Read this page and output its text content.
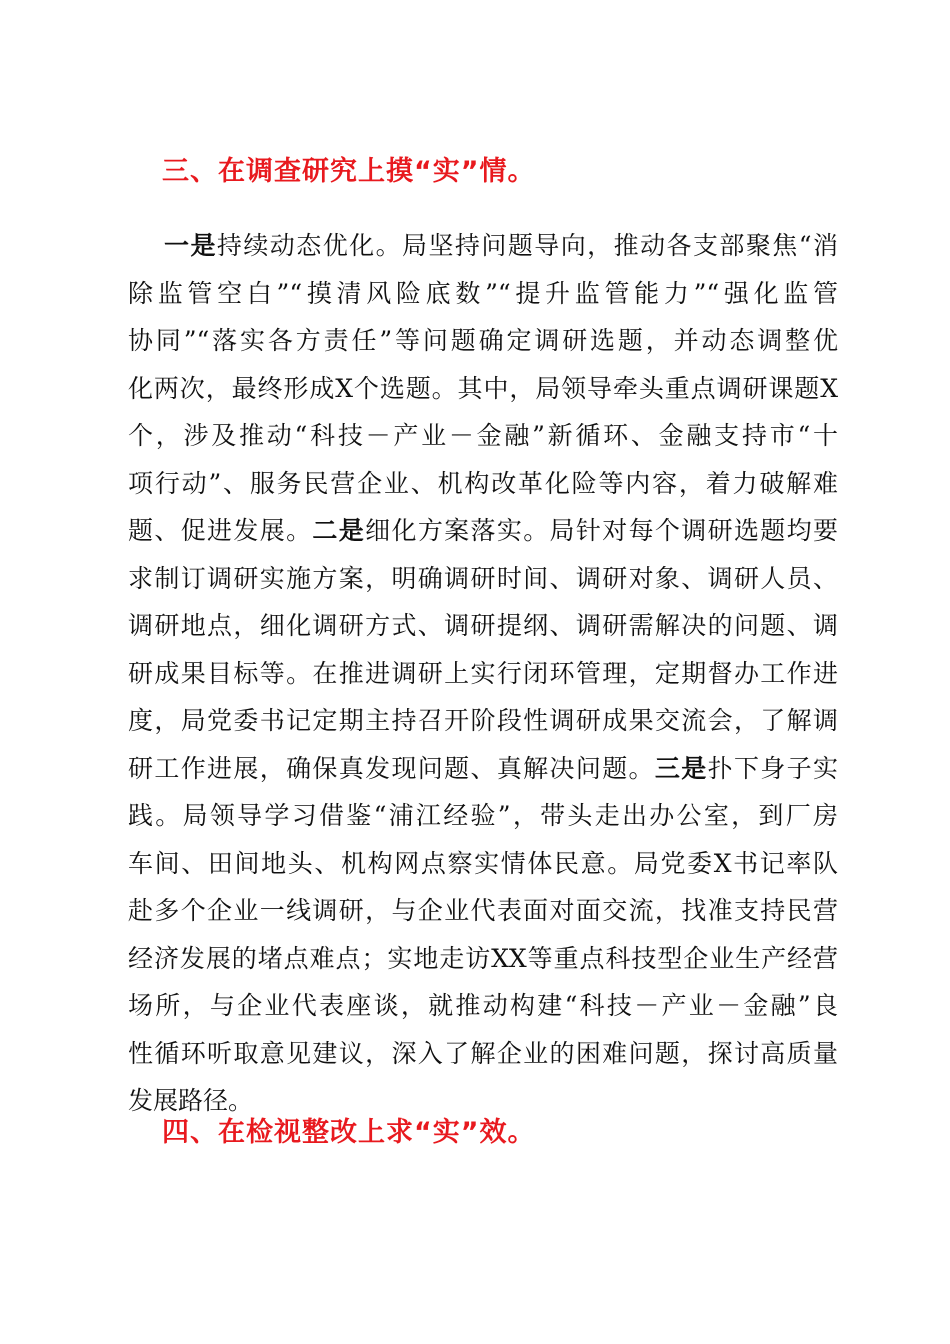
三、在调查研究上摸“实”情。
一是持续动态优化。局坚持问题导向，推动各支部聚焦“消
除监管空白”“摸清风险底数”“提升监管能力”“强化监管
协同”“落实各方责任”等问题确定调研选题，并动态调整优
化两次，最终形成X个选题。其中，局领导牵头重点调研课题X
个，涉及推动“科技－产业－金融”新循环、金融支持市“十
项行动”、服务民营企业、机构改革化险等内容，着力破解难
题、促进发展。二是细化方案落实。局针对每个调研选题均要
求制订调研实施方案，明确调研时间、调研对象、调研人员、
调研地点，细化调研方式、调研提纲、调研需解决的问题、调
研成果目标等。在推进调研上实行闭环管理，定期督办工作进
度，局党委书记定期主持召开阶段性调研成果交流会，了解调
研工作进展，确保真发现问题、真解决问题。三是扑下身子实
践。局领导学习借鉴“浦江经验”，带头走出办公室，到厂房
车间、田间地头、机构网点察实情体民意。局党委X书记率队
赴多个企业一线调研，与企业代表面对面交流，找准支持民营
经济发展的堵点难点；实地走访XX等重点科技型企业生产经营
场所，与企业代表座谈，就推动构建“科技－产业－金融”良
性循环听取意见建议，深入了解企业的困难问题，探讨高质量
发展路径。
四、在检视整改上求“实”效。
